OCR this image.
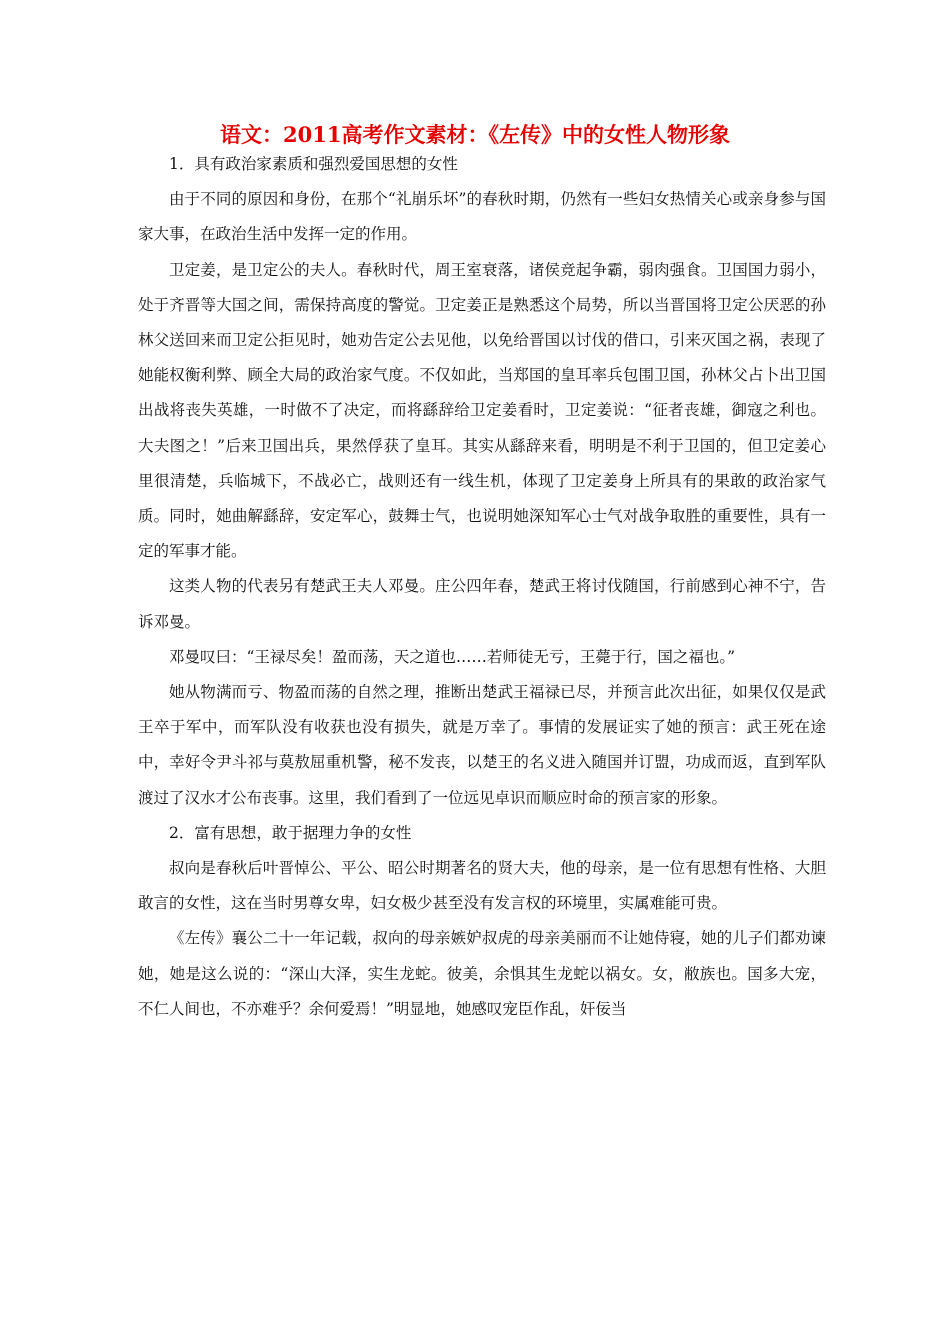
语文：2011高考作文素材：《左传》中的女性人物形象

1．具有政治家素质和强烈爱国思想的女性

由于不同的原因和身份，在那个“礼崩乐坏”的春秋时期，仍然有一些妇女热情关心或亲身参与国家大事，在政治生活中发挥一定的作用。

卫定姜，是卫定公的夫人。春秋时代，周王室衰落，诸侯竞起争霸，弱肉强食。卫国国力弱小，处于齐晋等大国之间，需保持高度的警觉。卫定姜正是熟悉这个局势，所以当晋国将卫定公厌恶的孙林父送回来而卫定公拒见时，她劝告定公去见他，以免给晋国以讨伐的借口，引来灭国之祸，表现了她能权衡利弊、顾全大局的政治家气度。不仅如此，当郑国的皇耳率兵包围卫国，孙林父占卜出卫国出战将丧失英雄，一时做不了决定，而将繇辞给卫定姜看时，卫定姜说：“征者丧雄，御寇之利也。大夫图之！”后来卫国出兵，果然俘获了皇耳。其实从繇辞来看，明明是不利于卫国的，但卫定姜心里很清楚，兵临城下，不战必亡，战则还有一线生机，体现了卫定姜身上所具有的果敢的政治家气质。同时，她曲解繇辞，安定军心，鼓舞士气，也说明她深知军心士气对战争取胜的重要性，具有一定的军事才能。

这类人物的代表另有楚武王夫人邓曼。庄公四年春，楚武王将讨伐随国，行前感到心神不宁，告诉邓曼。

邓曼叹曰：“王禄尽矣！盈而荡，天之道也……若师徒无亏，王薨于行，国之福也。”

她从物满而亏、物盈而荡的自然之理，推断出楚武王福禄已尽，并预言此次出征，如果仅仅是武王卒于军中，而军队没有收获也没有损失，就是万幸了。事情的发展证实了她的预言：武王死在途中，幸好令尹斗祁与莫敖屈重机警，秘不发丧，以楚王的名义进入随国并订盟，功成而返，直到军队渡过了汉水才公布丧事。这里，我们看到了一位远见卓识而顺应时命的预言家的形象。

2．富有思想，敢于据理力争的女性

叔向是春秋后叶晋悼公、平公、昭公时期著名的贤大夫，他的母亲，是一位有思想有性格、大胆敢言的女性，这在当时男尊女卑，妇女极少甚至没有发言权的环境里，实属难能可贵。

《左传》襄公二十一年记载，叔向的母亲嫉妒叔虎的母亲美丽而不让她侍寝，她的儿子们都劝谏她，她是这么说的：“深山大泽，实生龙蛇。彼美，余惧其生龙蛇以祸女。女，敝族也。国多大宠，不仁人间也，不亦难乎？余何爱焉！”明显地，她感叹宠臣作乱，奸佞当
